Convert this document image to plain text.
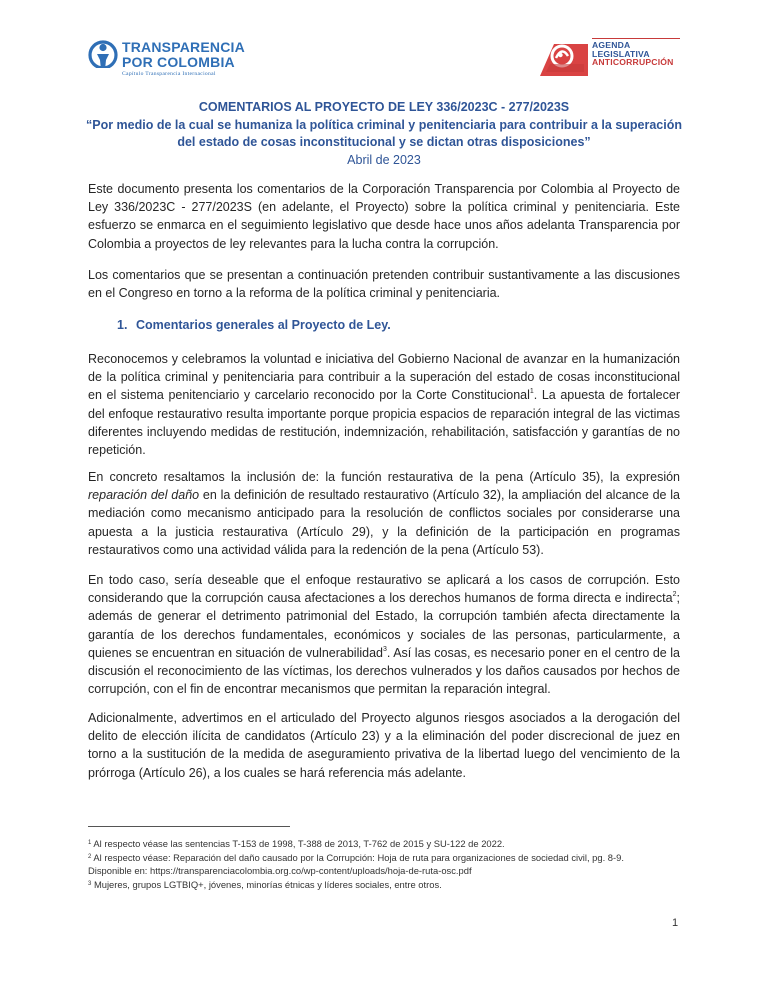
TRANSPARENCIA
POR COLOMBIA
Capítulo Transparencia Internacional
AGENDA
LEGISLATIVA
ANTICORRUPCIÓN
COMENTARIOS AL PROYECTO DE LEY 336/2023C - 277/2023S
“Por medio de la cual se humaniza la política criminal y penitenciaria para contribuir a la superación
del estado de cosas inconstitucional y se dictan otras disposiciones”
Abril de 2023
Este documento presenta los comentarios de la Corporación Transparencia por Colombia al Proyecto de Ley 336/2023C - 277/2023S (en adelante, el Proyecto) sobre la política criminal y penitenciaria. Este esfuerzo se enmarca en el seguimiento legislativo que desde hace unos años adelanta Transparencia por Colombia a proyectos de ley relevantes para la lucha contra la corrupción.
Los comentarios que se presentan a continuación pretenden contribuir sustantivamente a las discusiones en el Congreso en torno a la reforma de la política criminal y penitenciaria.
1. Comentarios generales al Proyecto de Ley.
Reconocemos y celebramos la voluntad e iniciativa del Gobierno Nacional de avanzar en la humanización de la política criminal y penitenciaria para contribuir a la superación del estado de cosas inconstitucional en el sistema penitenciario y carcelario reconocido por la Corte Constitucional$^1$. La apuesta de fortalecer del enfoque restaurativo resulta importante porque propicia espacios de reparación integral de las victimas diferentes incluyendo medidas de restitución, indemnización, rehabilitación, satisfacción y garantías de no repetición.
En concreto resaltamos la inclusión de: la función restaurativa de la pena (Artículo 35), la expresión reparación del daño en la definición de resultado restaurativo (Artículo 32), la ampliación del alcance de la mediación como mecanismo anticipado para la resolución de conflictos sociales por considerarse una apuesta a la justicia restaurativa (Artículo 29), y la definición de la participación en programas restaurativos como una actividad válida para la redención de la pena (Artículo 53).
En todo caso, sería deseable que el enfoque restaurativo se aplicará a los casos de corrupción. Esto considerando que la corrupción causa afectaciones a los derechos humanos de forma directa e indirecta$^2$; además de generar el detrimento patrimonial del Estado, la corrupción también afecta directamente la garantía de los derechos fundamentales, económicos y sociales de las personas, particularmente, a quienes se encuentran en situación de vulnerabilidad$^3$. Así las cosas, es necesario poner en el centro de la discusión el reconocimiento de las víctimas, los derechos vulnerados y los daños causados por hechos de corrupción, con el fin de encontrar mecanismos que permitan la reparación integral.
Adicionalmente, advertimos en el articulado del Proyecto algunos riesgos asociados a la derogación del delito de elección ilícita de candidatos (Artículo 23) y a la eliminación del poder discrecional de juez en torno a la sustitución de la medida de aseguramiento privativa de la libertad luego del vencimiento de la prórroga (Artículo 26), a los cuales se hará referencia más adelante.
$^1$ Al respecto véase las sentencias T-153 de 1998, T-388 de 2013, T-762 de 2015 y SU-122 de 2022.
$^2$ Al respecto véase: Reparación del daño causado por la Corrupción: Hoja de ruta para organizaciones de sociedad civil, pg. 8-9.
Disponible en: https://transparenciacolombia.org.co/wp-content/uploads/hoja-de-ruta-osc.pdf
$^3$ Mujeres, grupos LGTBIQ+, jóvenes, minorías étnicas y líderes sociales, entre otros.
1
